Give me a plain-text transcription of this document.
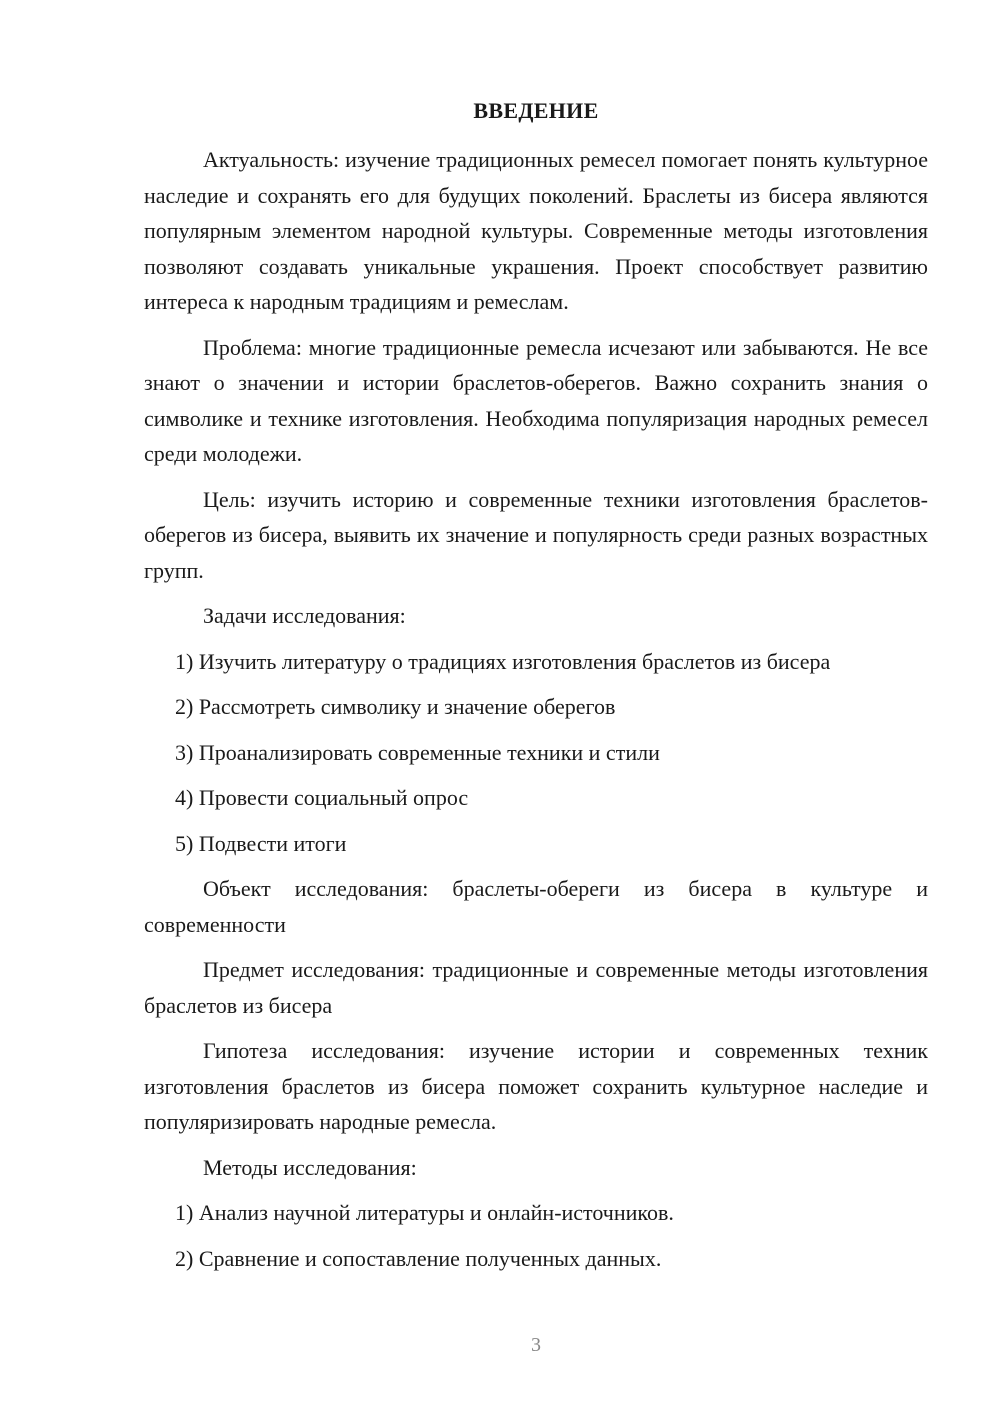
ВВЕДЕНИЕ

Актуальность: изучение традиционных ремесел помогает понять культурное наследие и сохранять его для будущих поколений. Браслеты из бисера являются популярным элементом народной культуры. Современные методы изготовления позволяют создавать уникальные украшения. Проект способствует развитию интереса к народным традициям и ремеслам.

Проблема: многие традиционные ремесла исчезают или забываются. Не все знают о значении и истории браслетов-оберегов. Важно сохранить знания о символике и технике изготовления. Необходима популяризация народных ремесел среди молодежи.

Цель: изучить историю и современные техники изготовления браслетов-оберегов из бисера, выявить их значение и популярность среди разных возрастных групп.

Задачи исследования:

1) Изучить литературу о традициях изготовления браслетов из бисера

2) Рассмотреть символику и значение оберегов

3) Проанализировать современные техники и стили

4) Провести социальный опрос

5) Подвести итоги

Объект исследования: браслеты-обереги из бисера в культуре и современности

Предмет исследования: традиционные и современные методы изготовления браслетов из бисера

Гипотеза исследования: изучение истории и современных техник изготовления браслетов из бисера поможет сохранить культурное наследие и популяризировать народные ремесла.

Методы исследования:

1) Анализ научной литературы и онлайн-источников.

2) Сравнение и сопоставление полученных данных.

3
